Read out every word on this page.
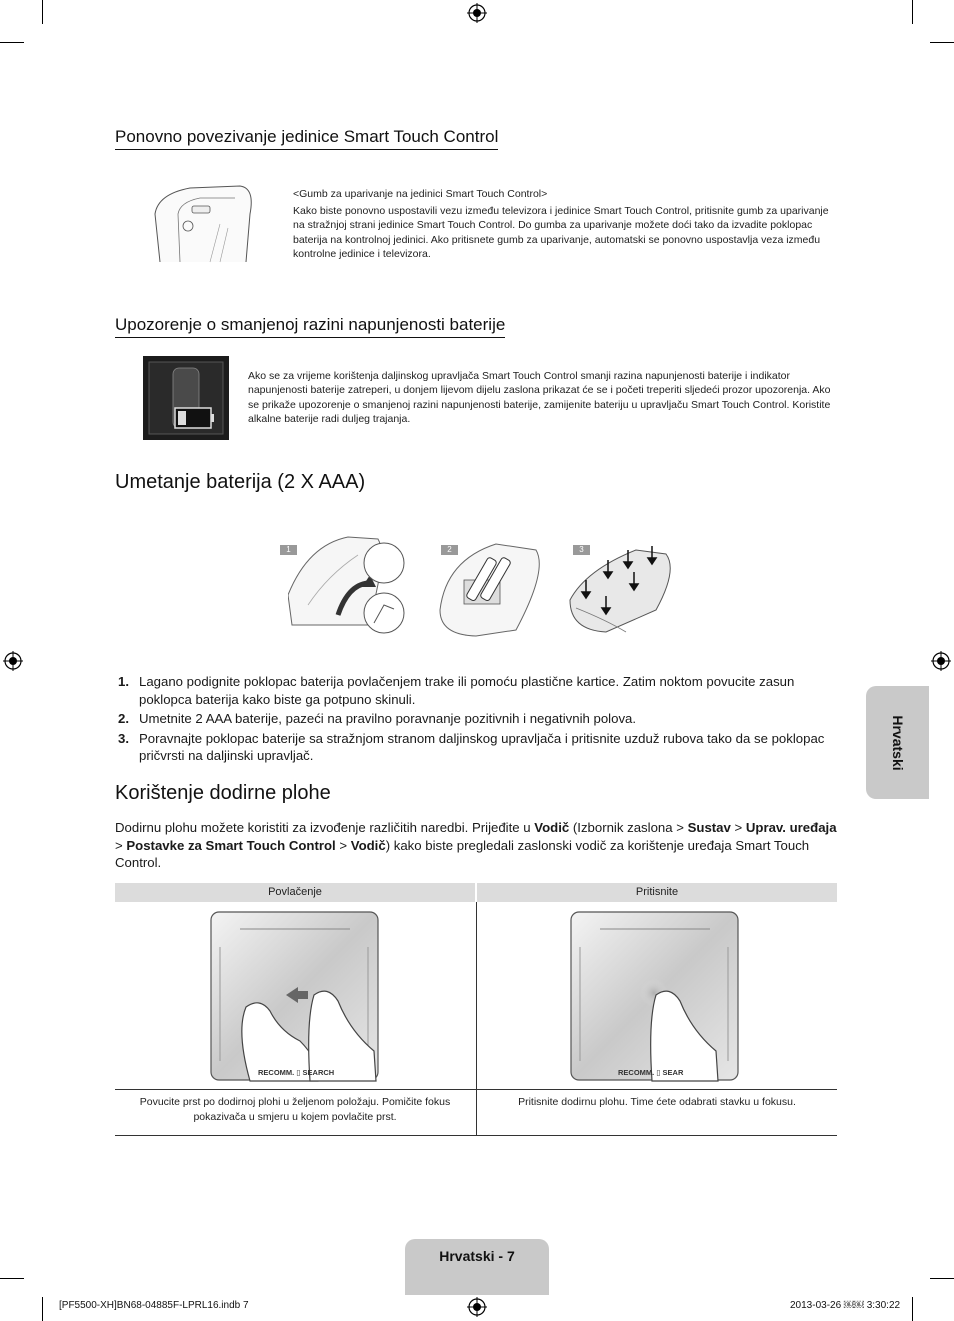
Ponovno povezivanje jedinice Smart Touch Control
<Gumb za uparivanje na jedinici Smart Touch Control>
Kako biste ponovno uspostavili vezu između televizora i jedinice Smart Touch Control, pritisnite gumb za uparivanje na stražnjoj strani jedinice Smart Touch Control. Do gumba za uparivanje možete doći tako da izvadite poklopac baterija na kontrolnoj jedinici. Ako pritisnete gumb za uparivanje, automatski se ponovno uspostavlja veza između kontrolne jedinice i televizora.
Upozorenje o smanjenoj razini napunjenosti baterije
Ako se za vrijeme korištenja daljinskog upravljača Smart Touch Control smanji razina napunjenosti baterije i indikator napunjenosti baterije zatreperi, u donjem lijevom dijelu zaslona prikazat će se i početi treperiti sljedeći prozor upozorenja. Ako se prikaže upozorenje o smanjenoj razini napunjenosti baterije, zamijenite bateriju u upravljaču Smart Touch Control. Koristite alkalne baterije radi duljeg trajanja.
Umetanje baterija (2 X AAA)
1	2	3
1. Lagano podignite poklopac baterija povlačenjem trake ili pomoću plastične kartice. Zatim noktom povucite zasun poklopca baterija kako biste ga potpuno skinuli.
2. Umetnite 2 AAA baterije, pazeći na pravilno poravnanje pozitivnih i negativnih polova.
3. Poravnajte poklopac baterije sa stražnjom stranom daljinskog upravljača i pritisnite uzduž rubova tako da se poklopac pričvrsti na daljinski upravljač.
Korištenje dodirne plohe
Dodirnu plohu možete koristiti za izvođenje različitih naredbi. Prijeđite u Vodič (Izbornik zaslona > Sustav > Uprav. uređaja > Postavke za Smart Touch Control > Vodič) kako biste pregledali zaslonski vodič za korištenje uređaja Smart Touch Control.
Povlačenje	Pritisnite
RECOMM. ▯ SEARCH	RECOMM. ▯ SEAR
Povucite prst po dodirnoj plohi u željenom položaju. Pomičite fokus pokazivača u smjeru u kojem povlačite prst.
Pritisnite dodirnu plohu. Time ćete odabrati stavku u fokusu.
Hrvatski
Hrvatski - 7
[PF5500-XH]BN68-04885F-LPRL16.indb 7	2013-03-26 ￼￼ 3:30:22
